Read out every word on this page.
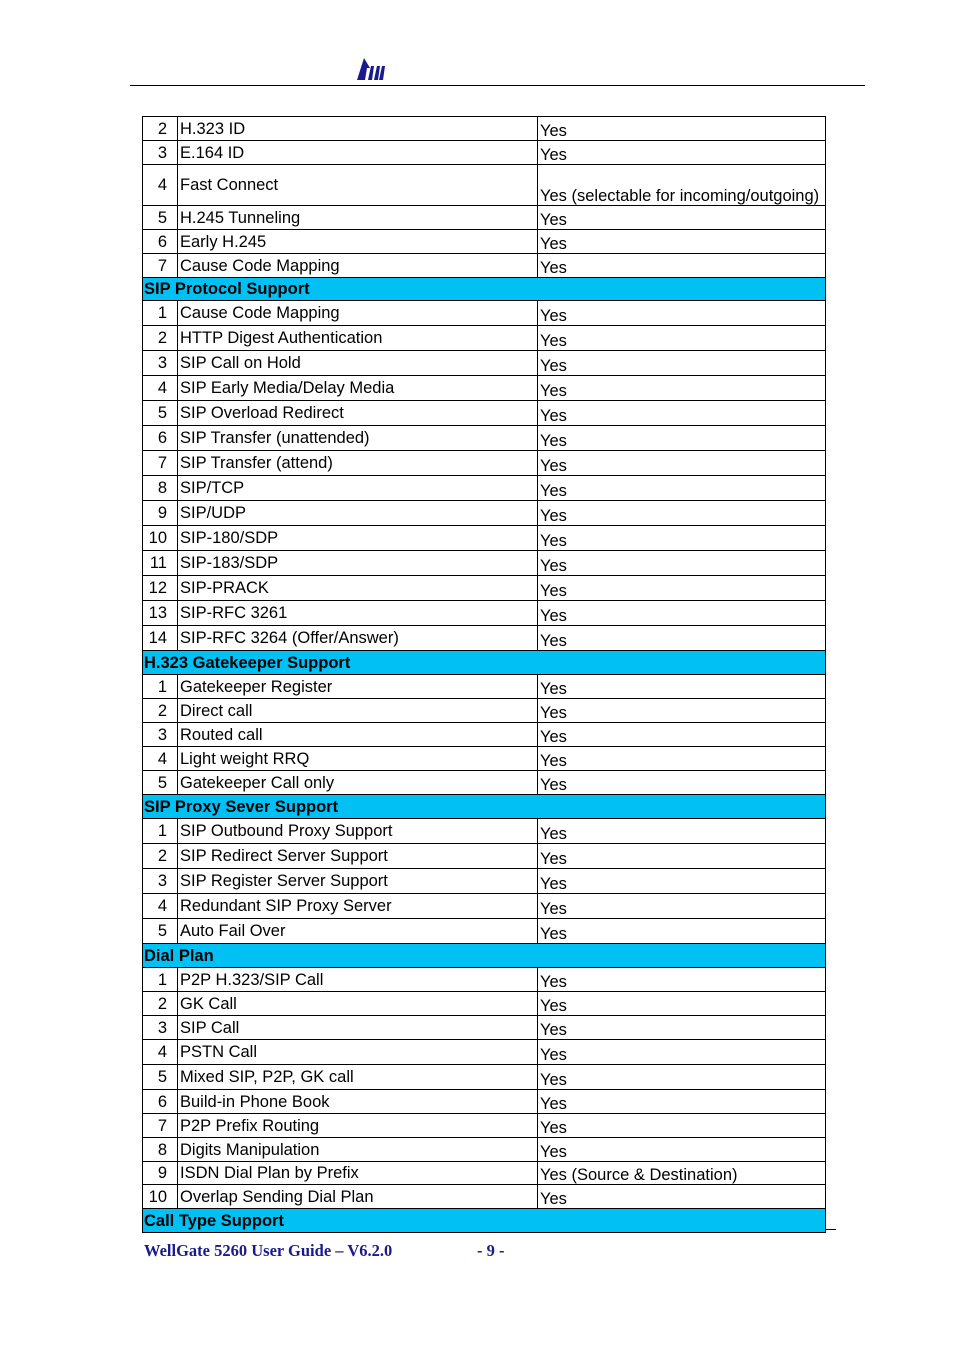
2	H.323 ID	Yes
3	E.164 ID	Yes
4	Fast Connect	Yes (selectable for incoming/outgoing)
5	H.245 Tunneling	Yes
6	Early H.245	Yes
7	Cause Code Mapping	Yes
SIP Protocol Support		
1	Cause Code Mapping	Yes
2	HTTP Digest Authentication	Yes
3	SIP Call on Hold	Yes
4	SIP Early Media/Delay Media	Yes
5	SIP Overload Redirect	Yes
6	SIP Transfer (unattended)	Yes
7	SIP Transfer (attend)	Yes
8	SIP/TCP	Yes
9	SIP/UDP	Yes
10	SIP-180/SDP	Yes
11	SIP-183/SDP	Yes
12	SIP-PRACK	Yes
13	SIP-RFC 3261	Yes
14	SIP-RFC 3264 (Offer/Answer)	Yes
H.323 Gatekeeper Support		
1	Gatekeeper Register	Yes
2	Direct call	Yes
3	Routed call	Yes
4	Light weight RRQ	Yes
5	Gatekeeper Call only	Yes
SIP Proxy Sever Support		
1	SIP Outbound Proxy Support	Yes
2	SIP Redirect Server Support	Yes
3	SIP Register Server Support	Yes
4	Redundant SIP Proxy Server	Yes
5	Auto Fail Over	Yes
Dial Plan		
1	P2P H.323/SIP Call	Yes
2	GK Call	Yes
3	SIP Call	Yes
4	PSTN Call	Yes
5	Mixed SIP, P2P, GK call	Yes
6	Build-in Phone Book	Yes
7	P2P Prefix Routing	Yes
8	Digits Manipulation	Yes
9	ISDN Dial Plan by Prefix	Yes (Source & Destination)
10	Overlap Sending Dial Plan	Yes
Call Type Support		
WellGate 5260 User Guide – V6.2.0	- 9 -
